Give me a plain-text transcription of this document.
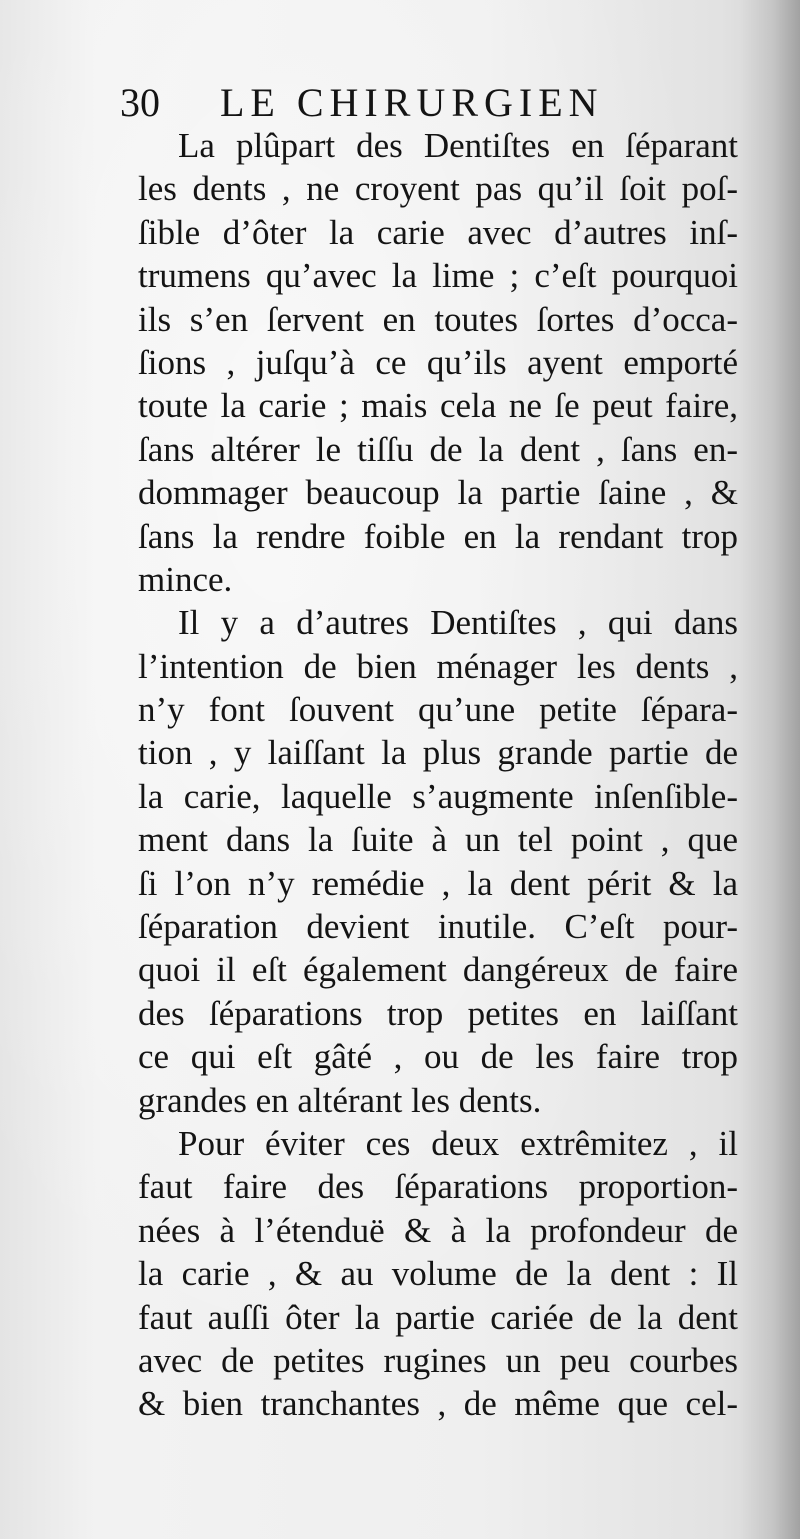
30 LE CHIRURGIEN
La plûpart des Dentiſtes en ſéparant
les dents , ne croyent pas qu’il ſoit poſ-
ſible d’ôter la carie avec d’autres inſ-
trumens qu’avec la lime ; c’eſt pourquoi
ils s’en ſervent en toutes ſortes d’occa-
ſions , juſqu’à ce qu’ils ayent emporté
toute la carie ; mais cela ne ſe peut faire,
ſans altérer le tiſſu de la dent , ſans en-
dommager beaucoup la partie ſaine , &
ſans la rendre foible en la rendant trop
mince.
Il y a d’autres Dentiſtes , qui dans
l’intention de bien ménager les dents ,
n’y font ſouvent qu’une petite ſépara-
tion , y laiſſant la plus grande partie de
la carie, laquelle s’augmente inſenſible-
ment dans la ſuite à un tel point , que
ſi l’on n’y remédie , la dent périt & la
ſéparation devient inutile. C’eſt pour-
quoi il eſt également dangéreux de faire
des ſéparations trop petites en laiſſant
ce qui eſt gâté , ou de les faire trop
grandes en altérant les dents.
Pour éviter ces deux extrêmitez , il
faut faire des ſéparations proportion-
nées à l’étenduë & à la profondeur de
la carie , & au volume de la dent : Il
faut auſſi ôter la partie cariée de la dent
avec de petites rugines un peu courbes
& bien tranchantes , de même que cel-
